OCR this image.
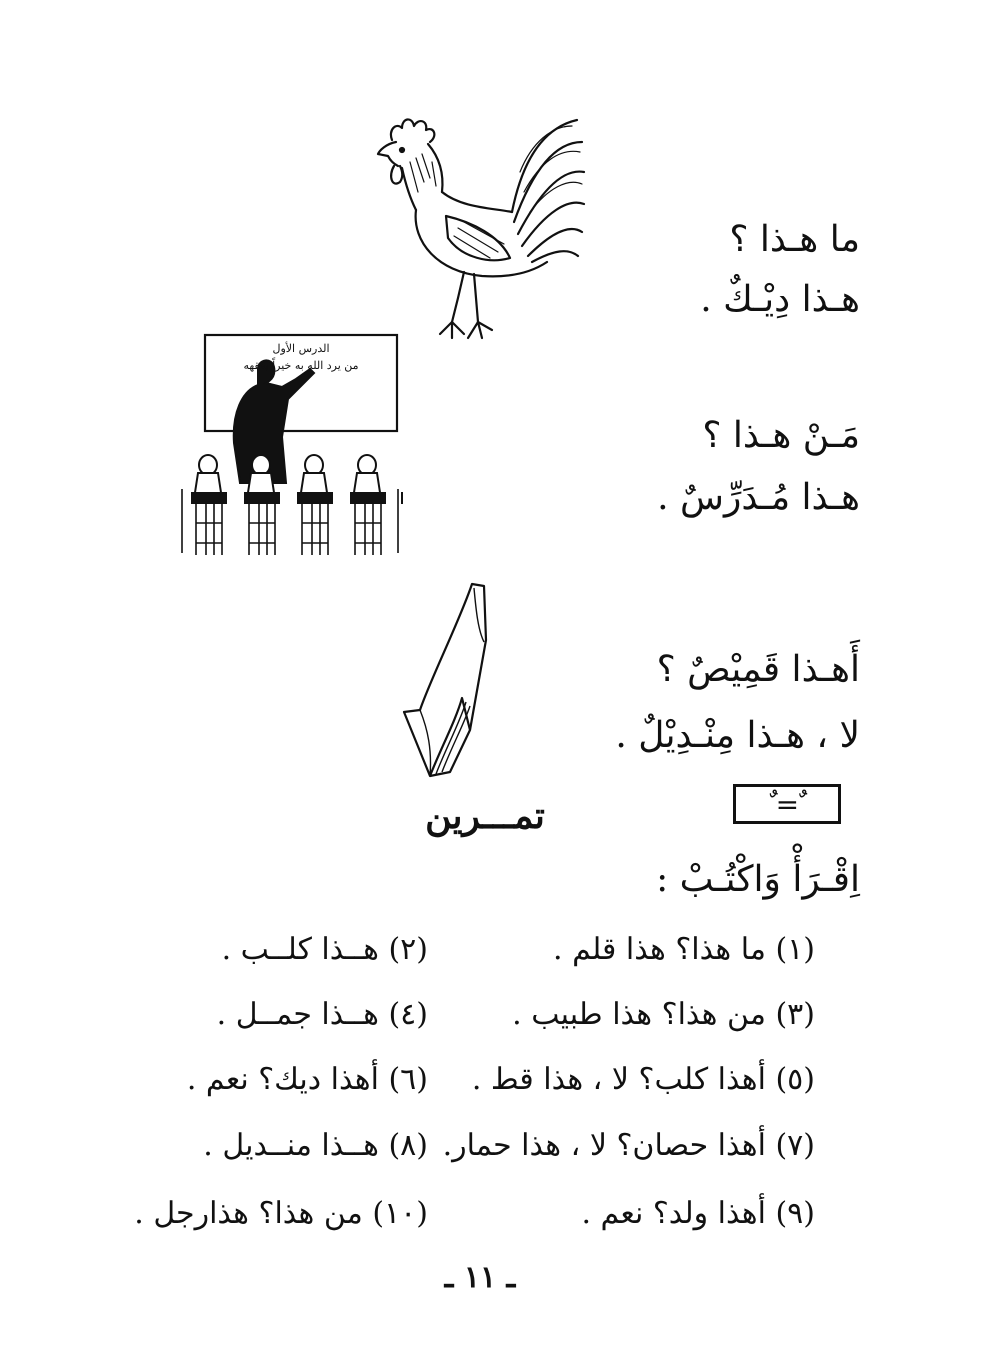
الدرس الأول
من يرد الله به خيراً يفقهه
ما هـذا ؟
هـذا دِيْـكٌ .
مَـنْ هـذا ؟
هـذا مُـدَرِّسٌ .
أَهـذا قَمِيْصٌ ؟
لا ، هـذا مِنْـدِيْلٌ .
ٌ = ٌ
تمـــرين
اِقْـرَأْ وَاكْتُـبْ :
(١) ما هذا؟ هذا قلم .
(٢) هــذا كلــب .
(٣) من هذا؟ هذا طبيب .
(٤) هــذا جمــل .
(٥) أهذا كلب؟ لا ، هذا قط .
(٦) أهذا ديك؟ نعم .
(٧) أهذا حصان؟ لا ، هذا حمار.
(٨) هــذا منــديل .
(٩) أهذا ولد؟ نعم .
(١٠) من هذا؟ هذارجل .
ـ ١١ ـ
